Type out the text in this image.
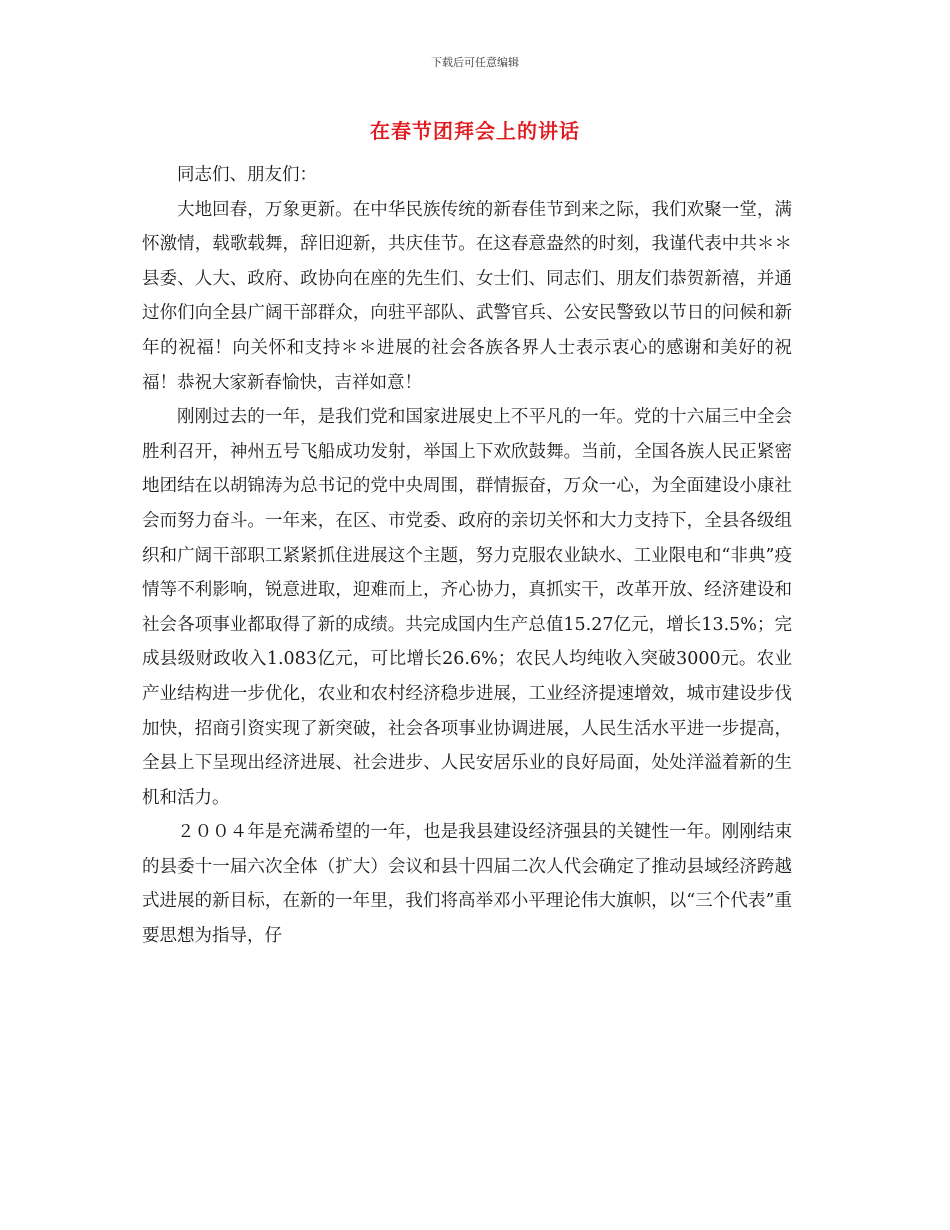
下载后可任意编辑
在春节团拜会上的讲话

同志们、朋友们：

大地回春，万象更新。在中华民族传统的新春佳节到来之际，我们欢聚一堂，满怀激情，载歌载舞，辞旧迎新，共庆佳节。在这春意盎然的时刻，我谨代表中共＊＊县委、人大、政府、政协向在座的先生们、女士们、同志们、朋友们恭贺新禧，并通过你们向全县广阔干部群众，向驻平部队、武警官兵、公安民警致以节日的问候和新年的祝福！向关怀和支持＊＊进展的社会各族各界人士表示衷心的感谢和美好的祝福！恭祝大家新春愉快，吉祥如意！

刚刚过去的一年，是我们党和国家进展史上不平凡的一年。党的十六届三中全会胜利召开，神州五号飞船成功发射，举国上下欢欣鼓舞。当前，全国各族人民正紧密地团结在以胡锦涛为总书记的党中央周围，群情振奋，万众一心，为全面建设小康社会而努力奋斗。一年来，在区、市党委、政府的亲切关怀和大力支持下，全县各级组织和广阔干部职工紧紧抓住进展这个主题，努力克服农业缺水、工业限电和“非典”疫情等不利影响，锐意进取，迎难而上，齐心协力，真抓实干，改革开放、经济建设和社会各项事业都取得了新的成绩。共完成国内生产总值15.27亿元，增长13.5%；完成县级财政收入1.083亿元，可比增长26.6%；农民人均纯收入突破3000元。农业产业结构进一步优化，农业和农村经济稳步进展，工业经济提速增效，城市建设步伐加快，招商引资实现了新突破，社会各项事业协调进展，人民生活水平进一步提高，全县上下呈现出经济进展、社会进步、人民安居乐业的良好局面，处处洋溢着新的生机和活力。

２００４年是充满希望的一年，也是我县建设经济强县的关键性一年。刚刚结束的县委十一届六次全体（扩大）会议和县十四届二次人代会确定了推动县域经济跨越式进展的新目标，在新的一年里，我们将高举邓小平理论伟大旗帜，以“三个代表”重要思想为指导，仔
